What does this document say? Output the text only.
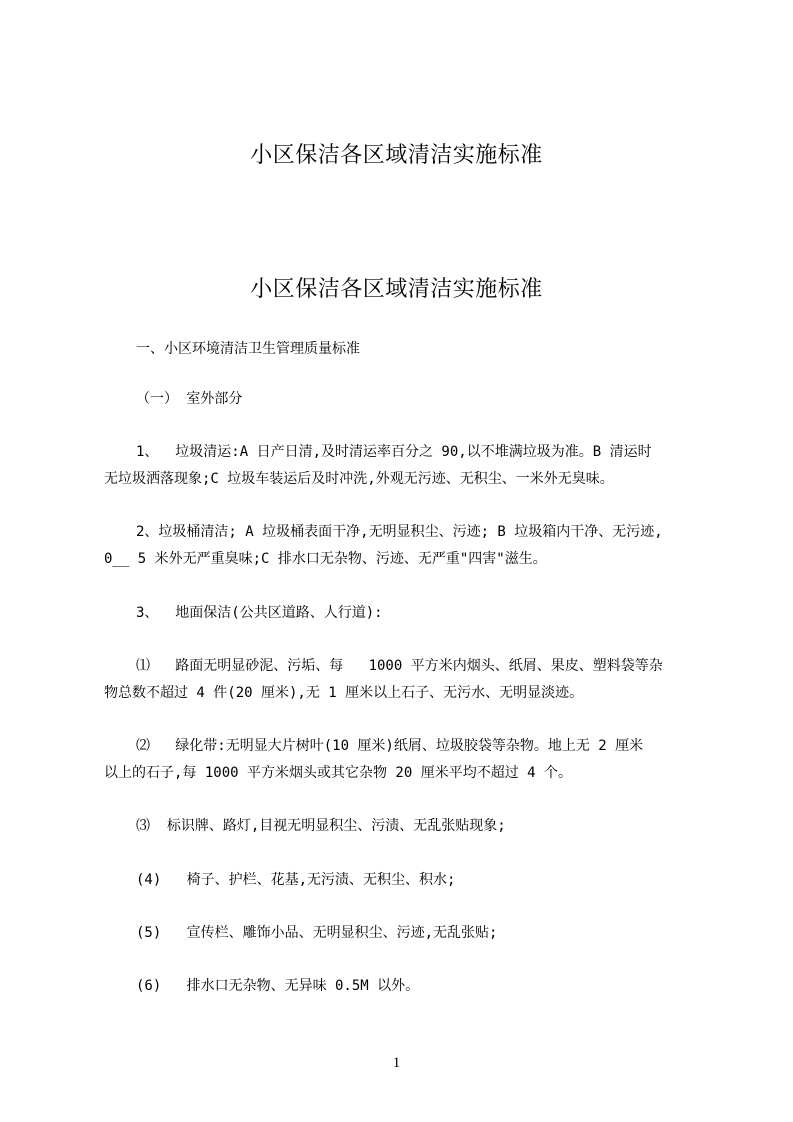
小区保洁各区域清洁实施标准
小区保洁各区域清洁实施标准
一、小区环境清洁卫生管理质量标准
（一） 室外部分
1、  垃圾清运:A 日产日清,及时清运率百分之 90,以不堆满垃圾为准。B 清运时
无垃圾洒落现象;C 垃圾车装运后及时冲洗,外观无污迹、无积尘、一米外无臭味。
2、垃圾桶清洁; A 垃圾桶表面干净,无明显积尘、污迹; B 垃圾箱内干净、无污迹,
0__ 5 米外无严重臭味;C 排水口无杂物、污迹、无严重"四害"滋生。
3、  地面保洁(公共区道路、人行道):
⑴   路面无明显砂泥、污垢、每   1000 平方米内烟头、纸屑、果皮、塑料袋等杂
物总数不超过 4 件(20 厘米),无 1 厘米以上石子、无污水、无明显淡迹。
⑵   绿化带:无明显大片树叶(10 厘米)纸屑、垃圾胶袋等杂物。地上无 2 厘米
以上的石子,每 1000 平方米烟头或其它杂物 20 厘米平均不超过 4 个。
⑶  标识牌、路灯,目视无明显积尘、污渍、无乱张贴现象;
(4)   椅子、护栏、花基,无污渍、无积尘、积水;
(5)   宣传栏、雕饰小品、无明显积尘、污迹,无乱张贴;
(6)   排水口无杂物、无异味 0.5M 以外。
1
